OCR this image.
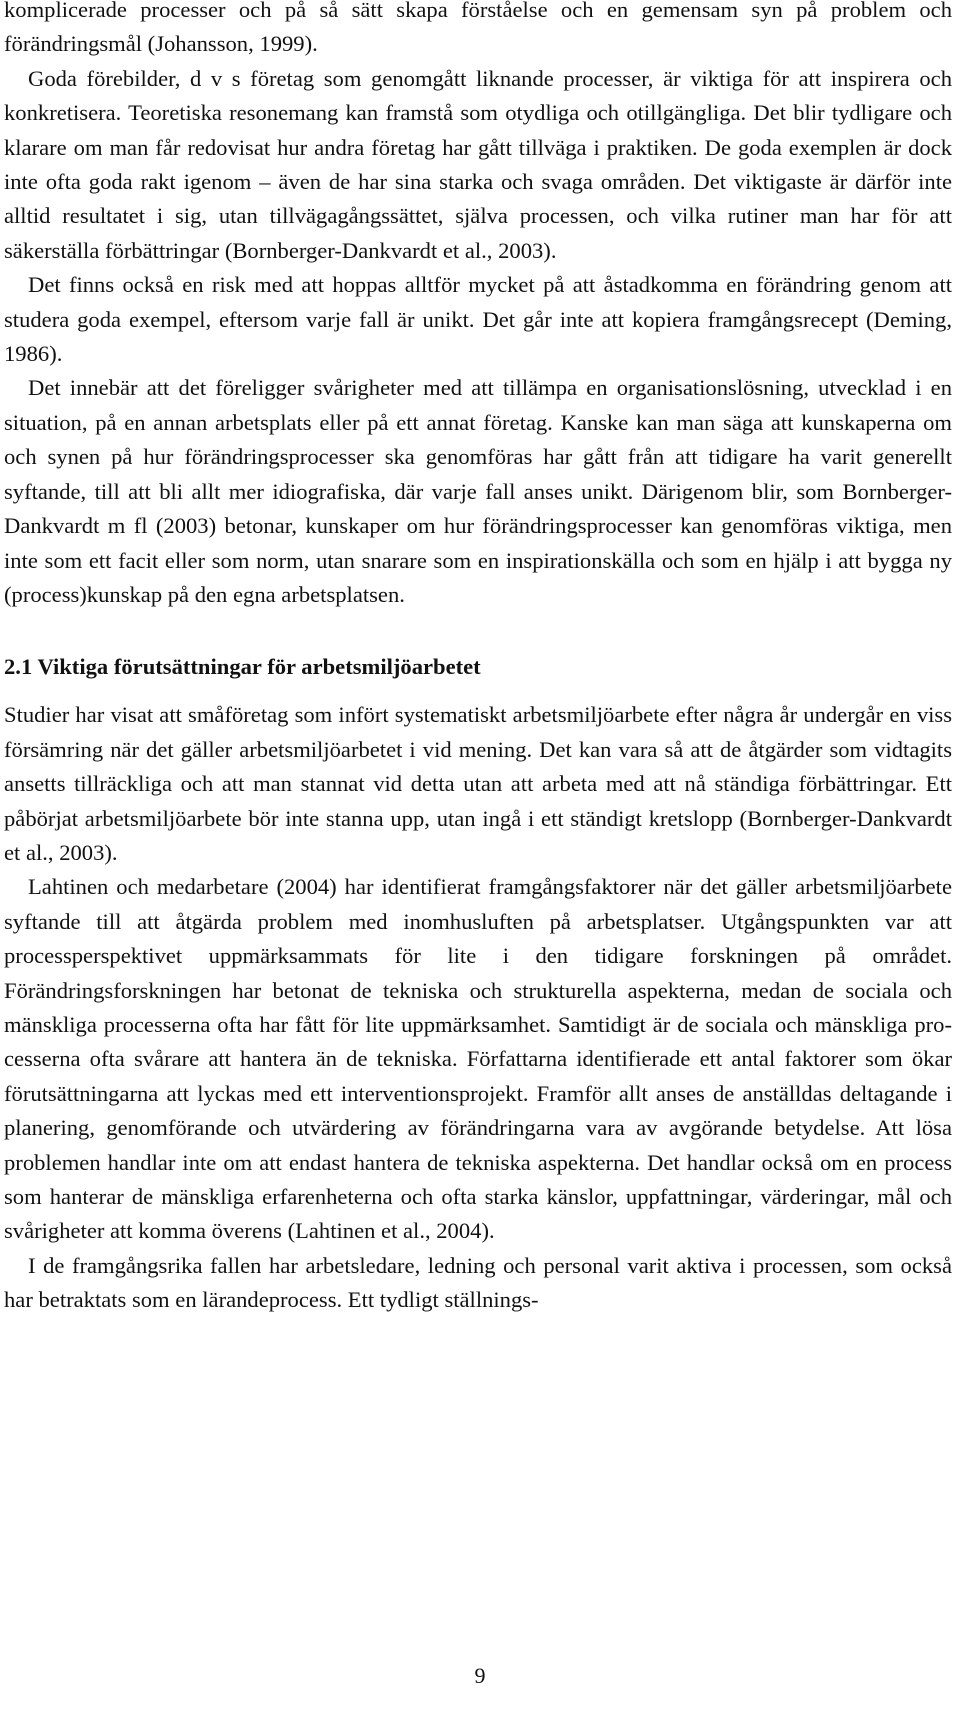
komplicerade processer och på så sätt skapa förståelse och en gemensam syn på problem och förändringsmål (Johansson, 1999).

Goda förebilder, d v s företag som genomgått liknande processer, är viktiga för att inspirera och konkretisera. Teoretiska resonemang kan framstå som otydliga och otillgängliga. Det blir tydligare och klarare om man får redovisat hur andra företag har gått tillväga i praktiken. De goda exemplen är dock inte ofta goda rakt igenom – även de har sina starka och svaga områden. Det viktigaste är därför inte alltid resultatet i sig, utan tillvägagångssättet, själva processen, och vilka rutiner man har för att säkerställa förbättringar (Bornberger-Dankvardt et al., 2003).

Det finns också en risk med att hoppas alltför mycket på att åstadkomma en förändring genom att studera goda exempel, eftersom varje fall är unikt. Det går inte att kopiera framgångsrecept (Deming, 1986).

Det innebär att det föreligger svårigheter med att tillämpa en organisationslösning, utvecklad i en situation, på en annan arbetsplats eller på ett annat företag. Kanske kan man säga att kunskaperna om och synen på hur förändringsprocesser ska genomföras har gått från att tidigare ha varit generellt syftande, till att bli allt mer idiografiska, där varje fall anses unikt. Därigenom blir, som Bornberger-Dankvardt m fl (2003) betonar, kunskaper om hur förändringsprocesser kan genomföras viktiga, men inte som ett facit eller som norm, utan snarare som en inspirationskälla och som en hjälp i att bygga ny (process)kunskap på den egna arbetsplatsen.

2.1 Viktiga förutsättningar för arbetsmiljöarbetet

Studier har visat att småföretag som infört systematiskt arbetsmiljöarbete efter några år undergår en viss försämring när det gäller arbetsmiljöarbetet i vid mening. Det kan vara så att de åtgärder som vidtagits ansetts tillräckliga och att man stannat vid detta utan att arbeta med att nå ständiga förbättringar. Ett påbörjat arbetsmiljöarbete bör inte stanna upp, utan ingå i ett ständigt kretslopp (Bornberger-Dankvardt et al., 2003).

Lahtinen och medarbetare (2004) har identifierat framgångsfaktorer när det gäller arbetsmiljöarbete syftande till att åtgärda problem med inomhusluften på arbetsplatser. Utgångspunkten var att processperspektivet uppmärksammats för lite i den tidigare forskningen på området. Förändringsforskningen har betonat de tekniska och strukturella aspekterna, medan de sociala och mänskliga processerna ofta har fått för lite uppmärksamhet. Samtidigt är de sociala och mänskliga processerna ofta svårare att hantera än de tekniska. Författarna identifierade ett antal faktorer som ökar förutsättningarna att lyckas med ett interventionsprojekt. Framför allt anses de anställdas deltagande i planering, genomförande och utvärdering av förändringarna vara av avgörande betydelse. Att lösa problemen handlar inte om att endast hantera de tekniska aspekterna. Det handlar också om en process som hanterar de mänskliga erfarenheterna och ofta starka känslor, uppfattningar, värderingar, mål och svårigheter att komma överens (Lahtinen et al., 2004).

I de framgångsrika fallen har arbetsledare, ledning och personal varit aktiva i processen, som också har betraktats som en lärandeprocess. Ett tydligt ställnings-

9
